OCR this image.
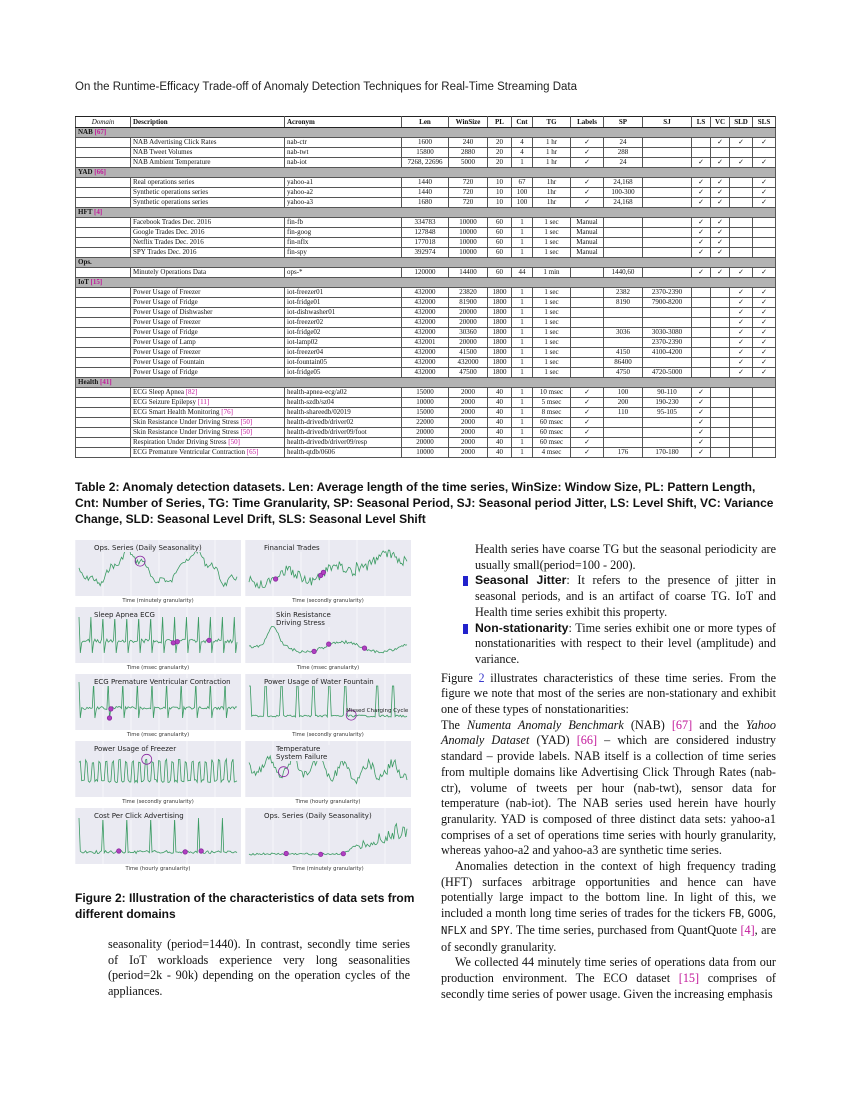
On the Runtime-Efficacy Trade-off of Anomaly Detection Techniques for Real-Time Streaming Data
Domain	Description	Acronym	Len	WinSize	PL	Cnt	TG	Labels	SP	SJ	LS	VC	SLD	SLS
NAB [67]														
	NAB Advertising Click Rates	nab-ctr	1600	240	20	4	1 hr	✓	24			✓	✓	✓
	NAB Tweet Volumes	nab-twt	15800	2880	20	4	1 hr	✓	288					
	NAB Ambient Temperature	nab-iot	7268, 22696	5000	20	1	1 hr	✓	24		✓	✓	✓	✓
YAD [66]														
	Real operations series	yahoo-a1	1440	720	10	67	1hr	✓	24,168		✓	✓		✓
	Synthetic operations series	yahoo-a2	1440	720	10	100	1hr	✓	100-300		✓	✓		✓
	Synthetic operations series	yahoo-a3	1680	720	10	100	1hr	✓	24,168		✓	✓		✓
HFT [4]														
	Facebook Trades Dec. 2016	fin-fb	334783	10000	60	1	1 sec	Manual			✓	✓		
	Google Trades Dec. 2016	fin-goog	127848	10000	60	1	1 sec	Manual			✓	✓		
	Netflix Trades Dec. 2016	fin-nflx	177018	10000	60	1	1 sec	Manual			✓	✓		
	SPY Trades Dec. 2016	fin-spy	392974	10000	60	1	1 sec	Manual			✓	✓		
Ops.														
	Minutely Operations Data	ops-*	120000	14400	60	44	1 min		1440,60		✓	✓	✓	✓
IoT [15]														
	Power Usage of Freezer	iot-freezer01	432000	23820	1800	1	1 sec		2382	2370-2390			✓	✓
	Power Usage of Fridge	iot-fridge01	432000	81900	1800	1	1 sec		8190	7900-8200			✓	✓
	Power Usage of Dishwasher	iot-dishwasher01	432000	20000	1800	1	1 sec						✓	✓
	Power Usage of Freezer	iot-freezer02	432000	20000	1800	1	1 sec						✓	✓
	Power Usage of Fridge	iot-fridge02	432000	30360	1800	1	1 sec		3036	3030-3080			✓	✓
	Power Usage of Lamp	iot-lamp02	432001	20000	1800	1	1 sec			2370-2390			✓	✓
	Power Usage of Freezer	iot-freezer04	432000	41500	1800	1	1 sec		4150	4100-4200			✓	✓
	Power Usage of Fountain	iot-fountain05	432000	432000	1800	1	1 sec		86400				✓	✓
	Power Usage of Fridge	iot-fridge05	432000	47500	1800	1	1 sec		4750	4720-5000			✓	✓
Health [41]														
	ECG Sleep Apnea [82]	health-apnea-ecg/a02	15000	2000	40	1	10 msec	✓	100	90-110	✓			
	ECG Seizure Epilepsy [11]	health-szdb/sz04	10000	2000	40	1	5 msec	✓	200	190-230	✓			
	ECG Smart Health Monitoring [76]	health-shareedb/02019	15000	2000	40	1	8 msec	✓	110	95-105	✓			
	Skin Resistance Under Driving Stress [50]	health-drivedb/driver02	22000	2000	40	1	60 msec	✓			✓			
	Skin Resistance Under Driving Stress [50]	health-drivedb/driver09/foot	20000	2000	40	1	60 msec	✓			✓			
	Respiration Under Driving Stress [50]	health-drivedb/driver09/resp	20000	2000	40	1	60 msec	✓			✓			
	ECG Premature Ventricular Contraction [65]	health-qtdb/0606	10000	2000	40	1	4 msec	✓	176	170-180	✓			
Table 2: Anomaly detection datasets. Len: Average length of the time series, WinSize: Window Size, PL: Pattern Length, Cnt: Number of Series, TG: Time Granularity, SP: Seasonal Period, SJ: Seasonal period Jitter, LS: Level Shift, VC: Variance Change, SLD: Seasonal Level Drift, SLS: Seasonal Level Shift
Ops. Series (Daily Seasonality)
Time (minutely granularity)
Financial Trades
Time (secondly granularity)
Sleep Apnea ECG
Time (msec granularity)
Skin Resistance Driving Stress
Time (msec granularity)
ECG Premature Ventricular Contraction
Time (msec granularity)
Power Usage of Water Fountain
Missed Charging Cycle
Time (secondly granularity)
Power Usage of Freezer
Time (secondly granularity)
Temperature System Failure
Time (hourly granularity)
Cost Per Click Advertising
Time (hourly granularity)
Ops. Series (Daily Seasonality)
Time (minutely granularity)
Figure 2: Illustration of the characteristics of data sets from different domains

seasonality (period=1440). In contrast, secondly time series of IoT workloads experience very long seasonalities (period=2k - 90k) depending on the operation cycles of the appliances.

Health series have coarse TG but the seasonal periodicity are usually small(period=100 - 200).

Seasonal Jitter: It refers to the presence of jitter in seasonal periods, and is an artifact of coarse TG. IoT and Health time series exhibit this property.

Non-stationarity: Time series exhibit one or more types of nonstationarities with respect to their level (amplitude) and variance.

Figure 2 illustrates characteristics of these time series. From the figure we note that most of the series are non-stationary and exhibit one of these types of nonstationarities:

The Numenta Anomaly Benchmark (NAB) [67] and the Yahoo Anomaly Dataset (YAD) [66] – which are considered industry standard – provide labels. NAB itself is a collection of time series from multiple domains like Advertising Click Through Rates (nab-ctr), volume of tweets per hour (nab-twt), sensor data for temperature (nab-iot). The NAB series used herein have hourly granularity. YAD is composed of three distinct data sets: yahoo-a1 comprises of a set of operations time series with hourly granularity, whereas yahoo-a2 and yahoo-a3 are synthetic time series.

Anomalies detection in the context of high frequency trading (HFT) surfaces arbitrage opportunities and hence can have potentially large impact to the bottom line. In light of this, we included a month long time series of trades for the tickers FB, GOOG, NFLX and SPY. The time series, purchased from QuantQuote [4], are of secondly granularity.

We collected 44 minutely time series of operations data from our production environment. The ECO dataset [15] comprises of secondly time series of power usage. Given the increasing emphasis
